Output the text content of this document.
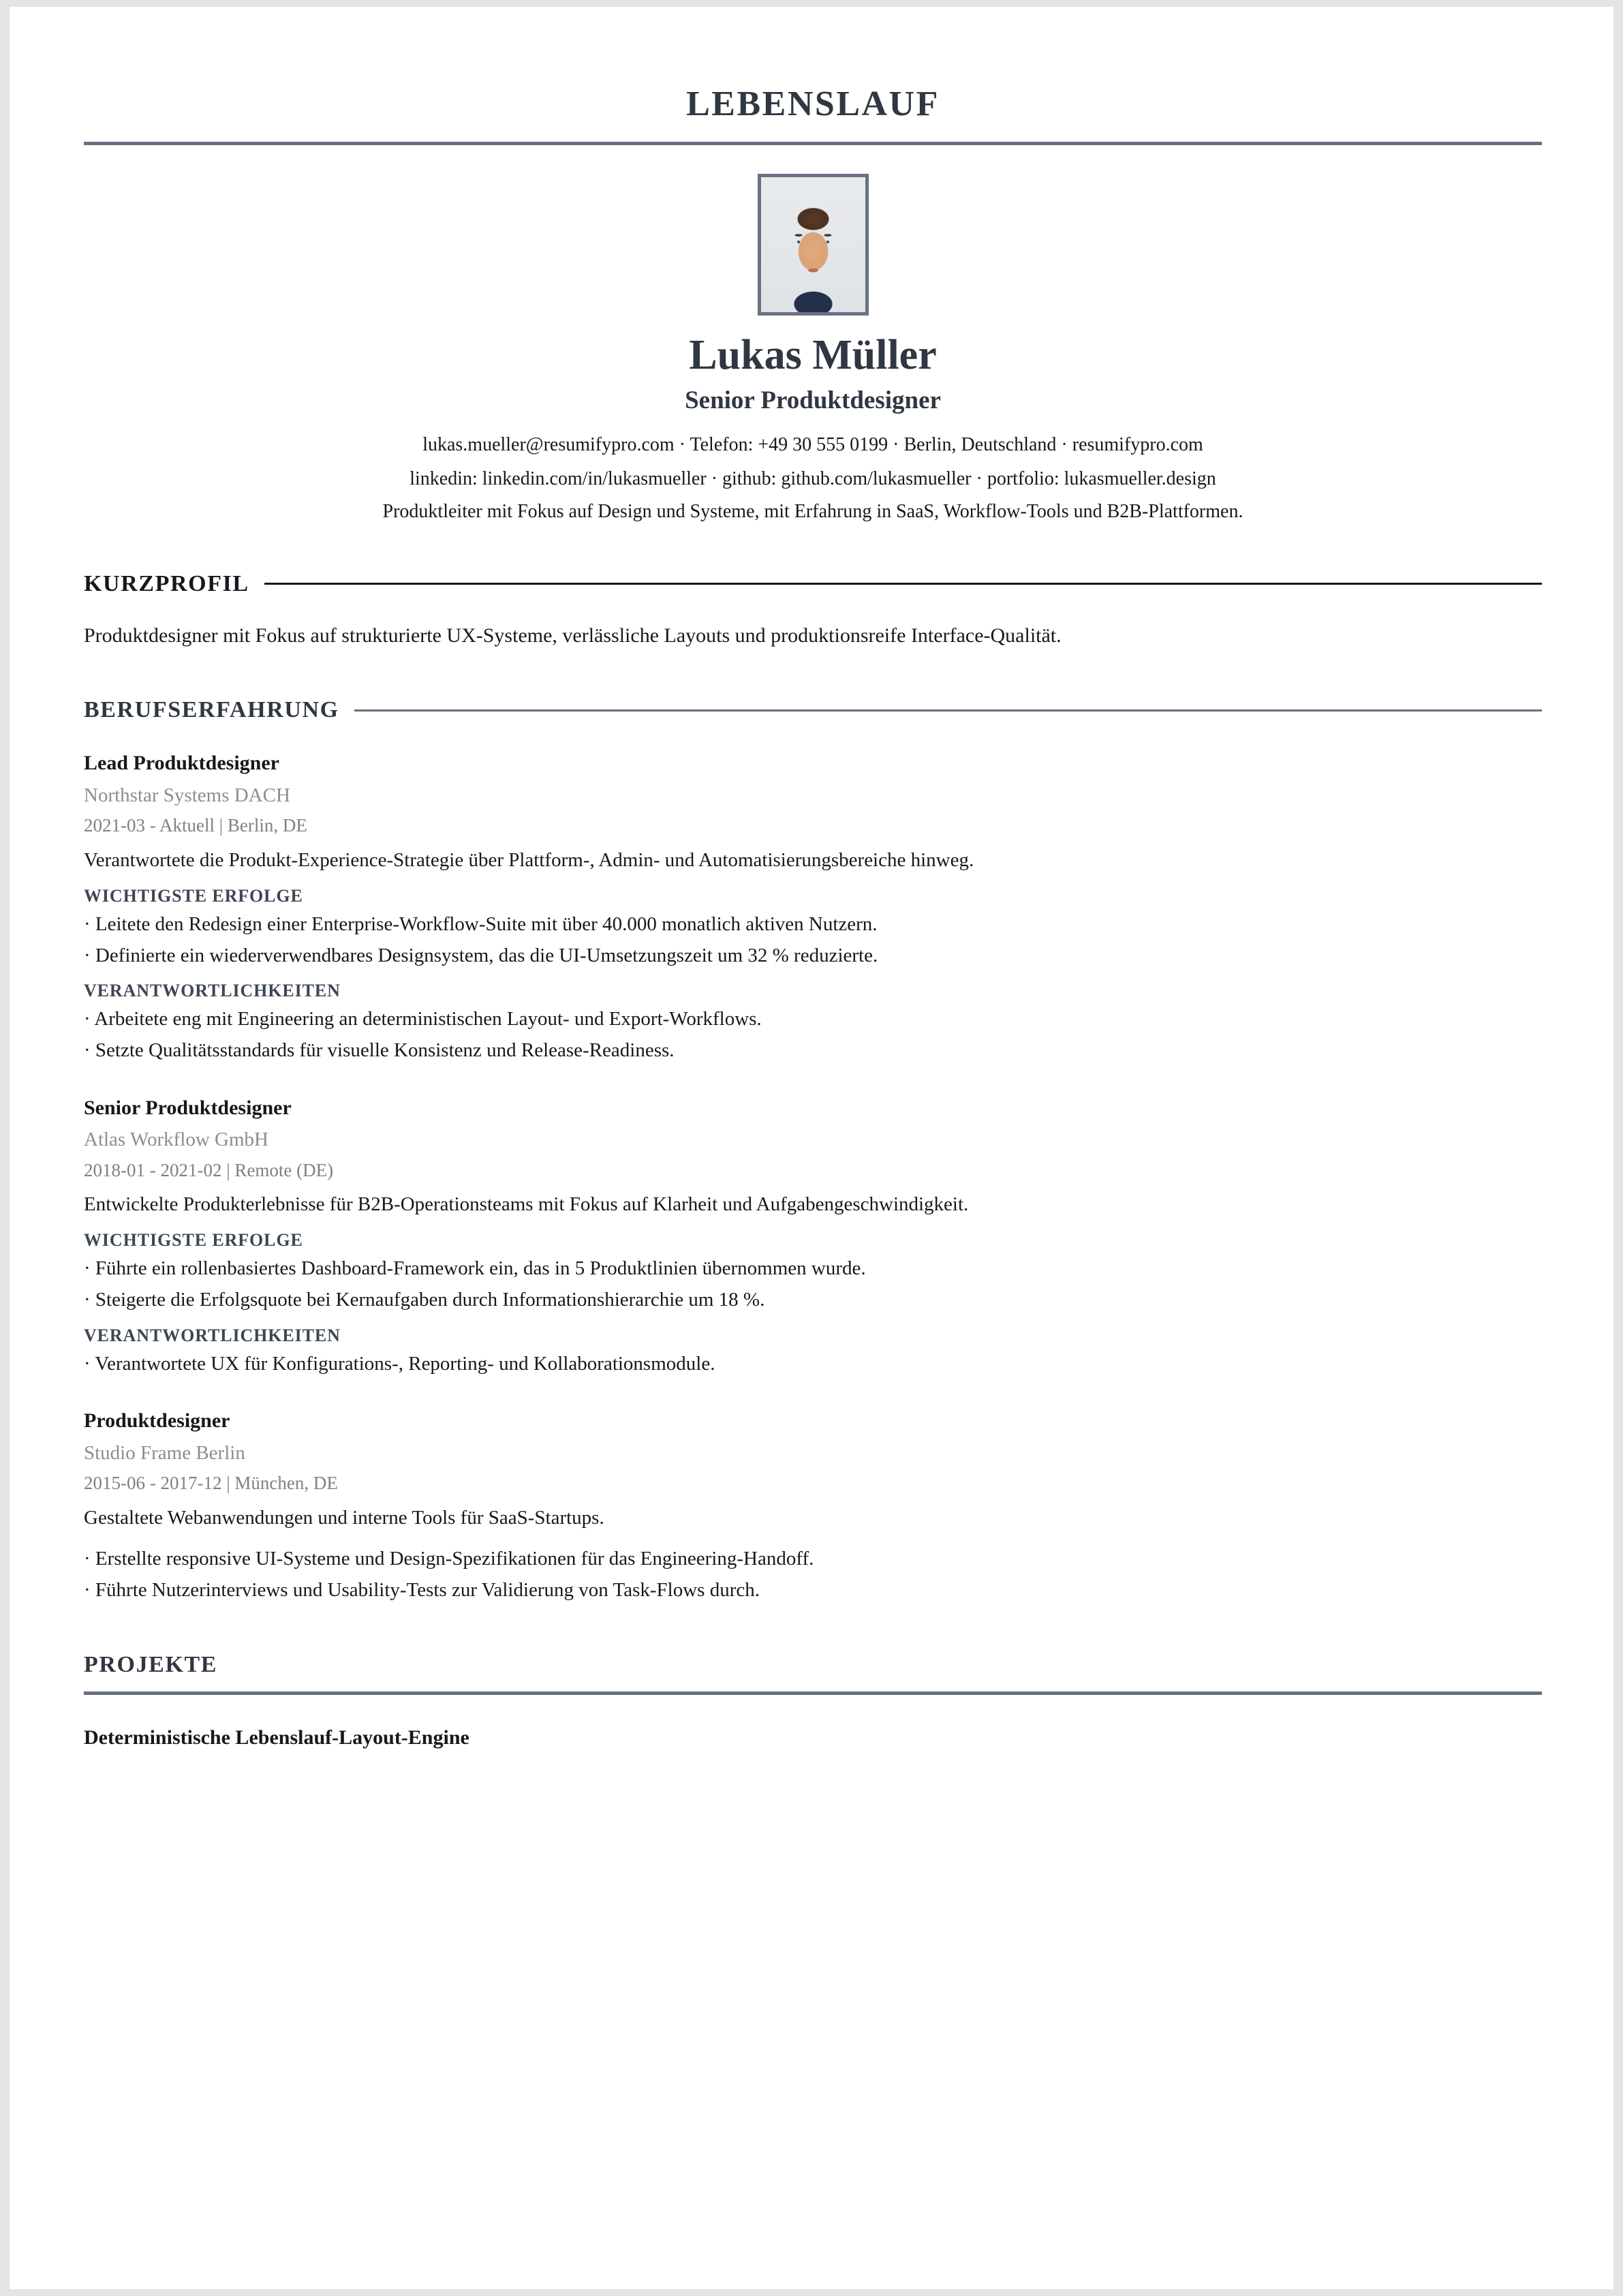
LEBENSLAUF
Lukas Müller
Senior Produktdesigner
lukas.mueller@resumifypro.com · Telefon: +49 30 555 0199 · Berlin, Deutschland · resumifypro.com
linkedin: linkedin.com/in/lukasmueller · github: github.com/lukasmueller · portfolio: lukasmueller.design
Produktleiter mit Fokus auf Design und Systeme, mit Erfahrung in SaaS, Workflow-Tools und B2B-Plattformen.
KURZPROFIL
Produktdesigner mit Fokus auf strukturierte UX-Systeme, verlässliche Layouts und produktionsreife Interface-Qualität.
BERUFSERFAHRUNG
Lead Produktdesigner
Northstar Systems DACH
2021-03 - Aktuell | Berlin, DE
Verantwortete die Produkt-Experience-Strategie über Plattform-, Admin- und Automatisierungsbereiche hinweg.
WICHTIGSTE ERFOLGE
· Leitete den Redesign einer Enterprise-Workflow-Suite mit über 40.000 monatlich aktiven Nutzern.
· Definierte ein wiederverwendbares Designsystem, das die UI-Umsetzungszeit um 32 % reduzierte.
VERANTWORTLICHKEITEN
· Arbeitete eng mit Engineering an deterministischen Layout- und Export-Workflows.
· Setzte Qualitätsstandards für visuelle Konsistenz und Release-Readiness.
Senior Produktdesigner
Atlas Workflow GmbH
2018-01 - 2021-02 | Remote (DE)
Entwickelte Produkterlebnisse für B2B-Operationsteams mit Fokus auf Klarheit und Aufgabengeschwindigkeit.
WICHTIGSTE ERFOLGE
· Führte ein rollenbasiertes Dashboard-Framework ein, das in 5 Produktlinien übernommen wurde.
· Steigerte die Erfolgsquote bei Kernaufgaben durch Informationshierarchie um 18 %.
VERANTWORTLICHKEITEN
· Verantwortete UX für Konfigurations-, Reporting- und Kollaborationsmodule.
Produktdesigner
Studio Frame Berlin
2015-06 - 2017-12 | München, DE
Gestaltete Webanwendungen und interne Tools für SaaS-Startups.
· Erstellte responsive UI-Systeme und Design-Spezifikationen für das Engineering-Handoff.
· Führte Nutzerinterviews und Usability-Tests zur Validierung von Task-Flows durch.
PROJEKTE
Deterministische Lebenslauf-Layout-Engine
